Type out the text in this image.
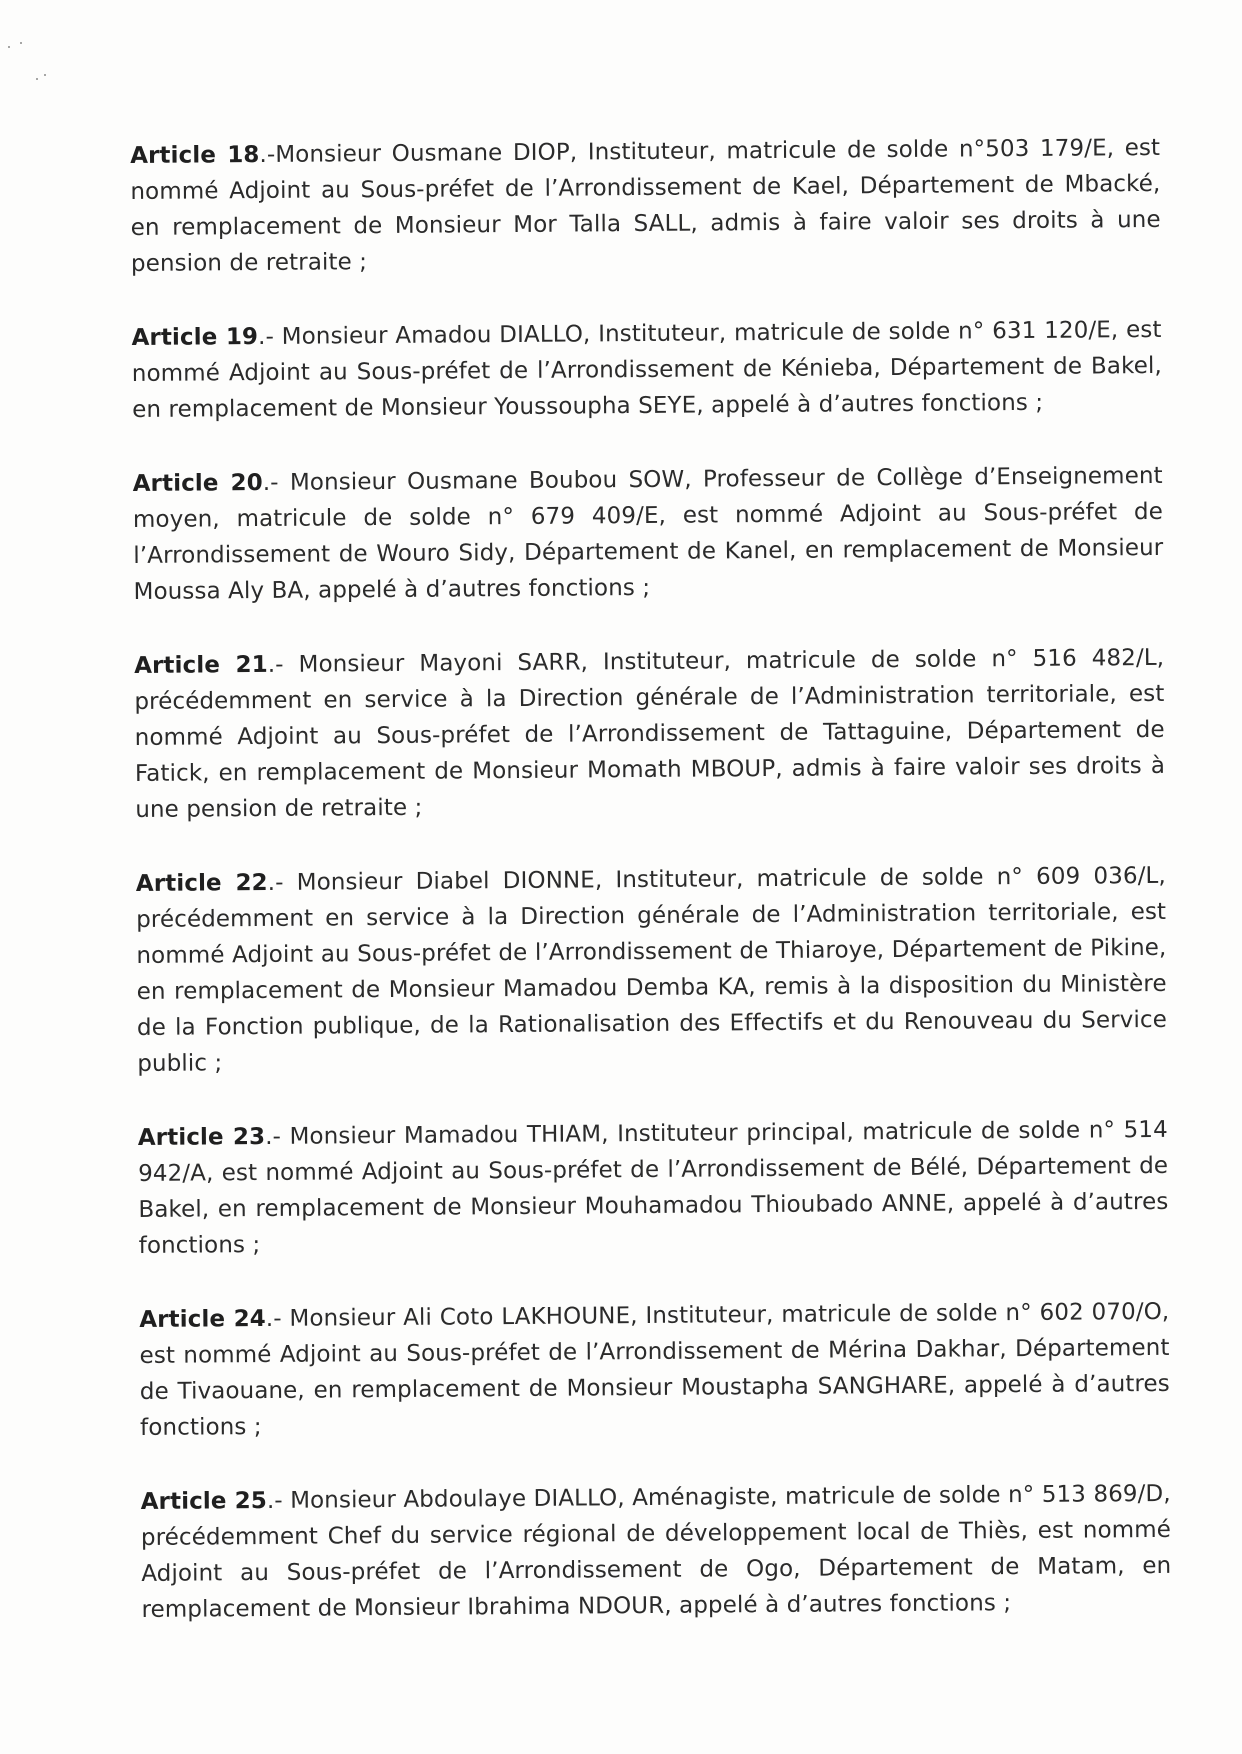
Article 18.-Monsieur Ousmane DIOP, Instituteur, matricule de solde n°503 179/E, est nommé Adjoint au Sous-préfet de l’Arrondissement de Kael, Département de Mbacké, en remplacement de Monsieur Mor Talla SALL, admis à faire valoir ses droits à une pension de retraite ;

Article 19.- Monsieur Amadou DIALLO, Instituteur, matricule de solde n° 631 120/E, est nommé Adjoint au Sous-préfet de l’Arrondissement de Kénieba, Département de Bakel, en remplacement de Monsieur Youssoupha SEYE, appelé à d’autres fonctions ;

Article 20.- Monsieur Ousmane Boubou SOW, Professeur de Collège d’Enseignement moyen, matricule de solde n° 679 409/E, est nommé Adjoint au Sous-préfet de l’Arrondissement de Wouro Sidy, Département de Kanel, en remplacement de Monsieur Moussa Aly BA, appelé à d’autres fonctions ;

Article 21.- Monsieur Mayoni SARR, Instituteur, matricule de solde n° 516 482/L, précédemment en service à la Direction générale de l’Administration territoriale, est nommé Adjoint au Sous-préfet de l’Arrondissement de Tattaguine, Département de Fatick, en remplacement de Monsieur Momath MBOUP, admis à faire valoir ses droits à une pension de retraite ;

Article 22.- Monsieur Diabel DIONNE, Instituteur, matricule de solde n° 609 036/L, précédemment en service à la Direction générale de l’Administration territoriale, est nommé Adjoint au Sous-préfet de l’Arrondissement de Thiaroye, Département de Pikine, en remplacement de Monsieur Mamadou Demba KA, remis à la disposition du Ministère de la Fonction publique, de la Rationalisation des Effectifs et du Renouveau du Service public ;

Article 23.- Monsieur Mamadou THIAM, Instituteur principal, matricule de solde n° 514 942/A, est nommé Adjoint au Sous-préfet de l’Arrondissement de Bélé, Département de Bakel, en remplacement de Monsieur Mouhamadou Thioubado ANNE, appelé à d’autres fonctions ;

Article 24.- Monsieur Ali Coto LAKHOUNE, Instituteur, matricule de solde n° 602 070/O, est nommé Adjoint au Sous-préfet de l’Arrondissement de Mérina Dakhar, Département de Tivaouane, en remplacement de Monsieur Moustapha SANGHARE, appelé à d’autres fonctions ;

Article 25.- Monsieur Abdoulaye DIALLO, Aménagiste, matricule de solde n° 513 869/D, précédemment Chef du service régional de développement local de Thiès, est nommé Adjoint au Sous-préfet de l’Arrondissement de Ogo, Département de Matam, en remplacement de Monsieur Ibrahima NDOUR, appelé à d’autres fonctions ;
